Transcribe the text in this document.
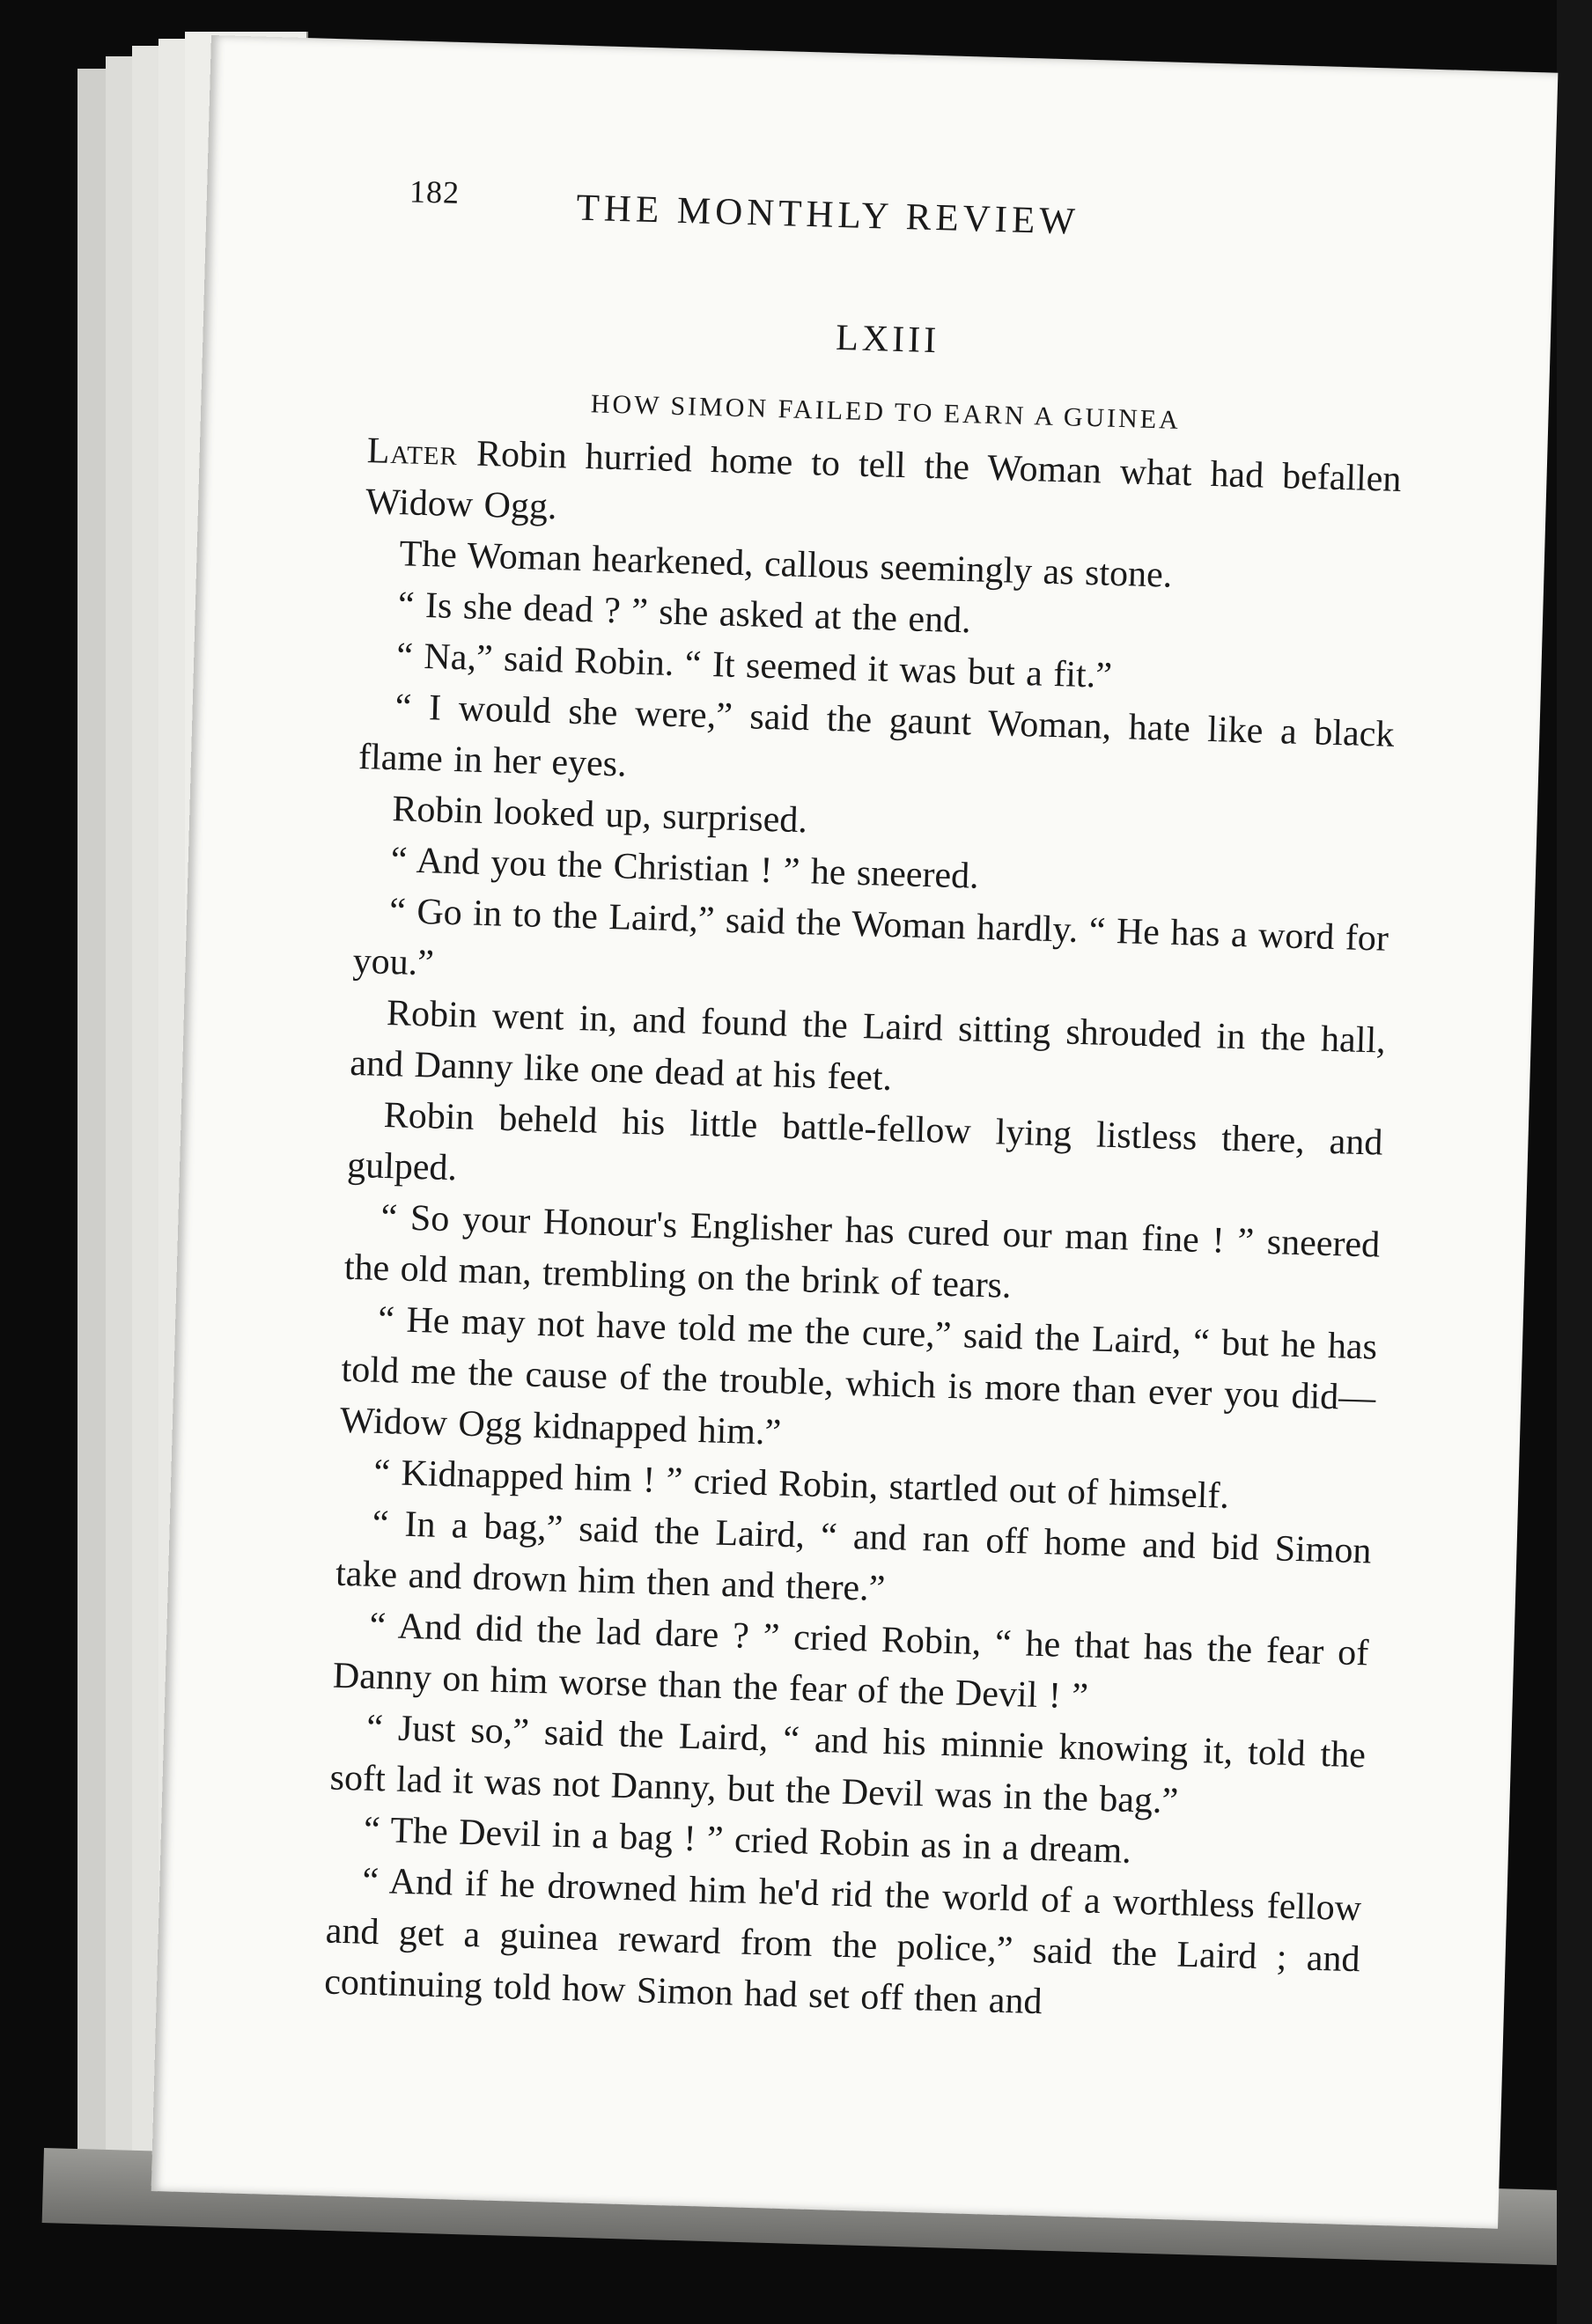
182	THE MONTHLY REVIEW
LXIII
HOW SIMON FAILED TO EARN A GUINEA

Later Robin hurried home to tell the Woman what had befallen Widow Ogg.

The Woman hearkened, callous seemingly as stone.

“ Is she dead ? ” she asked at the end.

“ Na,” said Robin. “ It seemed it was but a fit.”

“ I would she were,” said the gaunt Woman, hate like a black flame in her eyes.

Robin looked up, surprised.

“ And you the Christian ! ” he sneered.

“ Go in to the Laird,” said the Woman hardly. “ He has a word for you.”

Robin went in, and found the Laird sitting shrouded in the hall, and Danny like one dead at his feet.

Robin beheld his little battle-fellow lying listless there, and gulped.

“ So your Honour's Englisher has cured our man fine ! ” sneered the old man, trembling on the brink of tears.

“ He may not have told me the cure,” said the Laird, “ but he has told me the cause of the trouble, which is more than ever you did—Widow Ogg kidnapped him.”

“ Kidnapped him ! ” cried Robin, startled out of himself.

“ In a bag,” said the Laird, “ and ran off home and bid Simon take and drown him then and there.”

“ And did the lad dare ? ” cried Robin, “ he that has the fear of Danny on him worse than the fear of the Devil ! ”

“ Just so,” said the Laird, “ and his minnie knowing it, told the soft lad it was not Danny, but the Devil was in the bag.”

“ The Devil in a bag ! ” cried Robin as in a dream.

“ And if he drowned him he'd rid the world of a worthless fellow and get a guinea reward from the police,” said the Laird ; and continuing told how Simon had set off then and
